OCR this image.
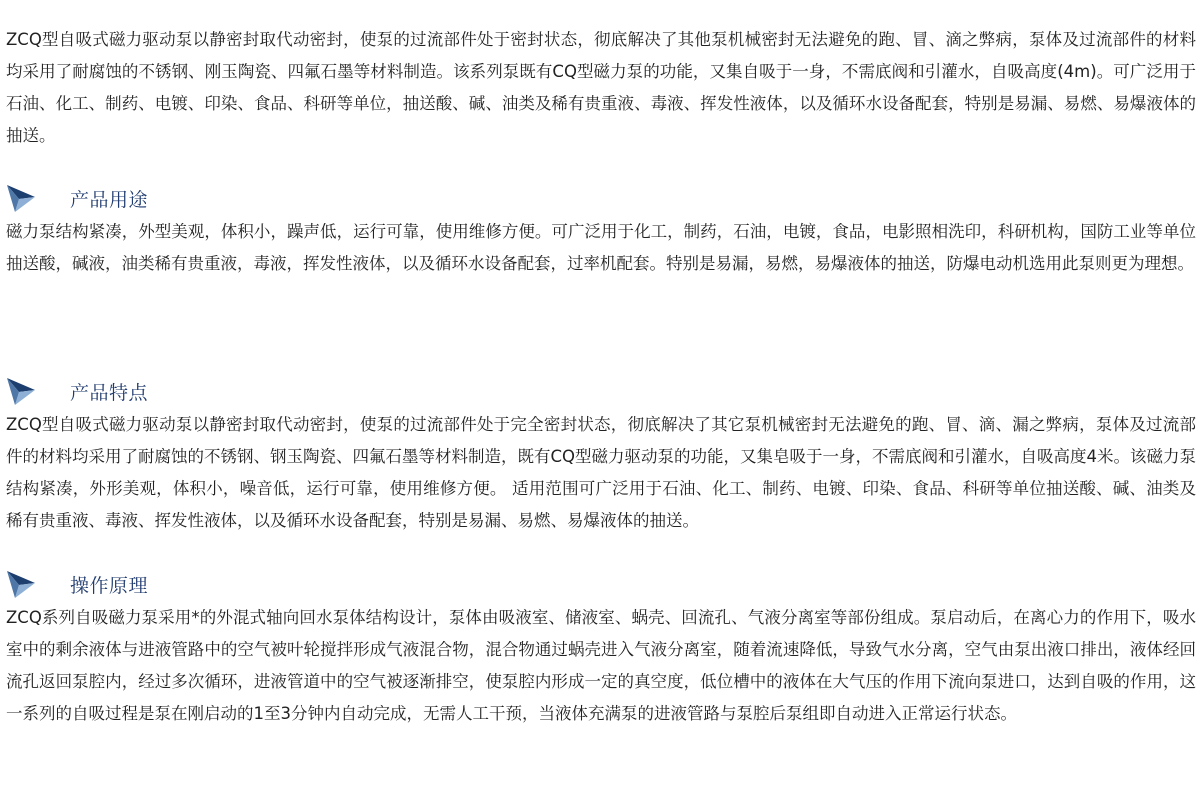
ZCQ型自吸式磁力驱动泵以静密封取代动密封，使泵的过流部件处于密封状态，彻底解决了其他泵机械密封无法避免的跑、冒、滴之弊病，泵体及过流部件的材料均采用了耐腐蚀的不锈钢、刚玉陶瓷、四氟石墨等材料制造。该系列泵既有CQ型磁力泵的功能，又集自吸于一身，不需底阀和引灌水，自吸高度(4m)。可广泛用于石油、化工、制药、电镀、印染、食品、科研等单位，抽送酸、碱、油类及稀有贵重液、毒液、挥发性液体，以及循环水设备配套，特别是易漏、易燃、易爆液体的抽送。

产品用途

磁力泵结构紧凑，外型美观，体积小，躁声低，运行可靠，使用维修方便。可广泛用于化工，制药，石油，电镀，食品，电影照相洗印，科研机构，国防工业等单位抽送酸，碱液，油类稀有贵重液，毒液，挥发性液体，以及循环水设备配套，过率机配套。特别是易漏，易燃，易爆液体的抽送，防爆电动机选用此泵则更为理想。

产品特点

ZCQ型自吸式磁力驱动泵以静密封取代动密封，使泵的过流部件处于完全密封状态，彻底解决了其它泵机械密封无法避免的跑、冒、滴、漏之弊病，泵体及过流部件的材料均采用了耐腐蚀的不锈钢、钢玉陶瓷、四氟石墨等材料制造，既有CQ型磁力驱动泵的功能，又集皂吸于一身，不需底阀和引灌水，自吸高度4米。该磁力泵结构紧凑，外形美观，体积小，噪音低，运行可靠，使用维修方便。 适用范围可广泛用于石油、化工、制药、电镀、印染、食品、科研等单位抽送酸、碱、油类及稀有贵重液、毒液、挥发性液体，以及循环水设备配套，特别是易漏、易燃、易爆液体的抽送。

操作原理

ZCQ系列自吸磁力泵采用*的外混式轴向回水泵体结构设计，泵体由吸液室、储液室、蜗壳、回流孔、气液分离室等部份组成。泵启动后，在离心力的作用下，吸水室中的剩余液体与进液管路中的空气被叶轮搅拌形成气液混合物，混合物通过蜗壳进入气液分离室，随着流速降低，导致气水分离，空气由泵出液口排出，液体经回流孔返回泵腔内，经过多次循环，进液管道中的空气被逐渐排空，使泵腔内形成一定的真空度，低位槽中的液体在大气压的作用下流向泵进口，达到自吸的作用，这一系列的自吸过程是泵在刚启动的1至3分钟内自动完成，无需人工干预，当液体充满泵的进液管路与泵腔后泵组即自动进入正常运行状态。
